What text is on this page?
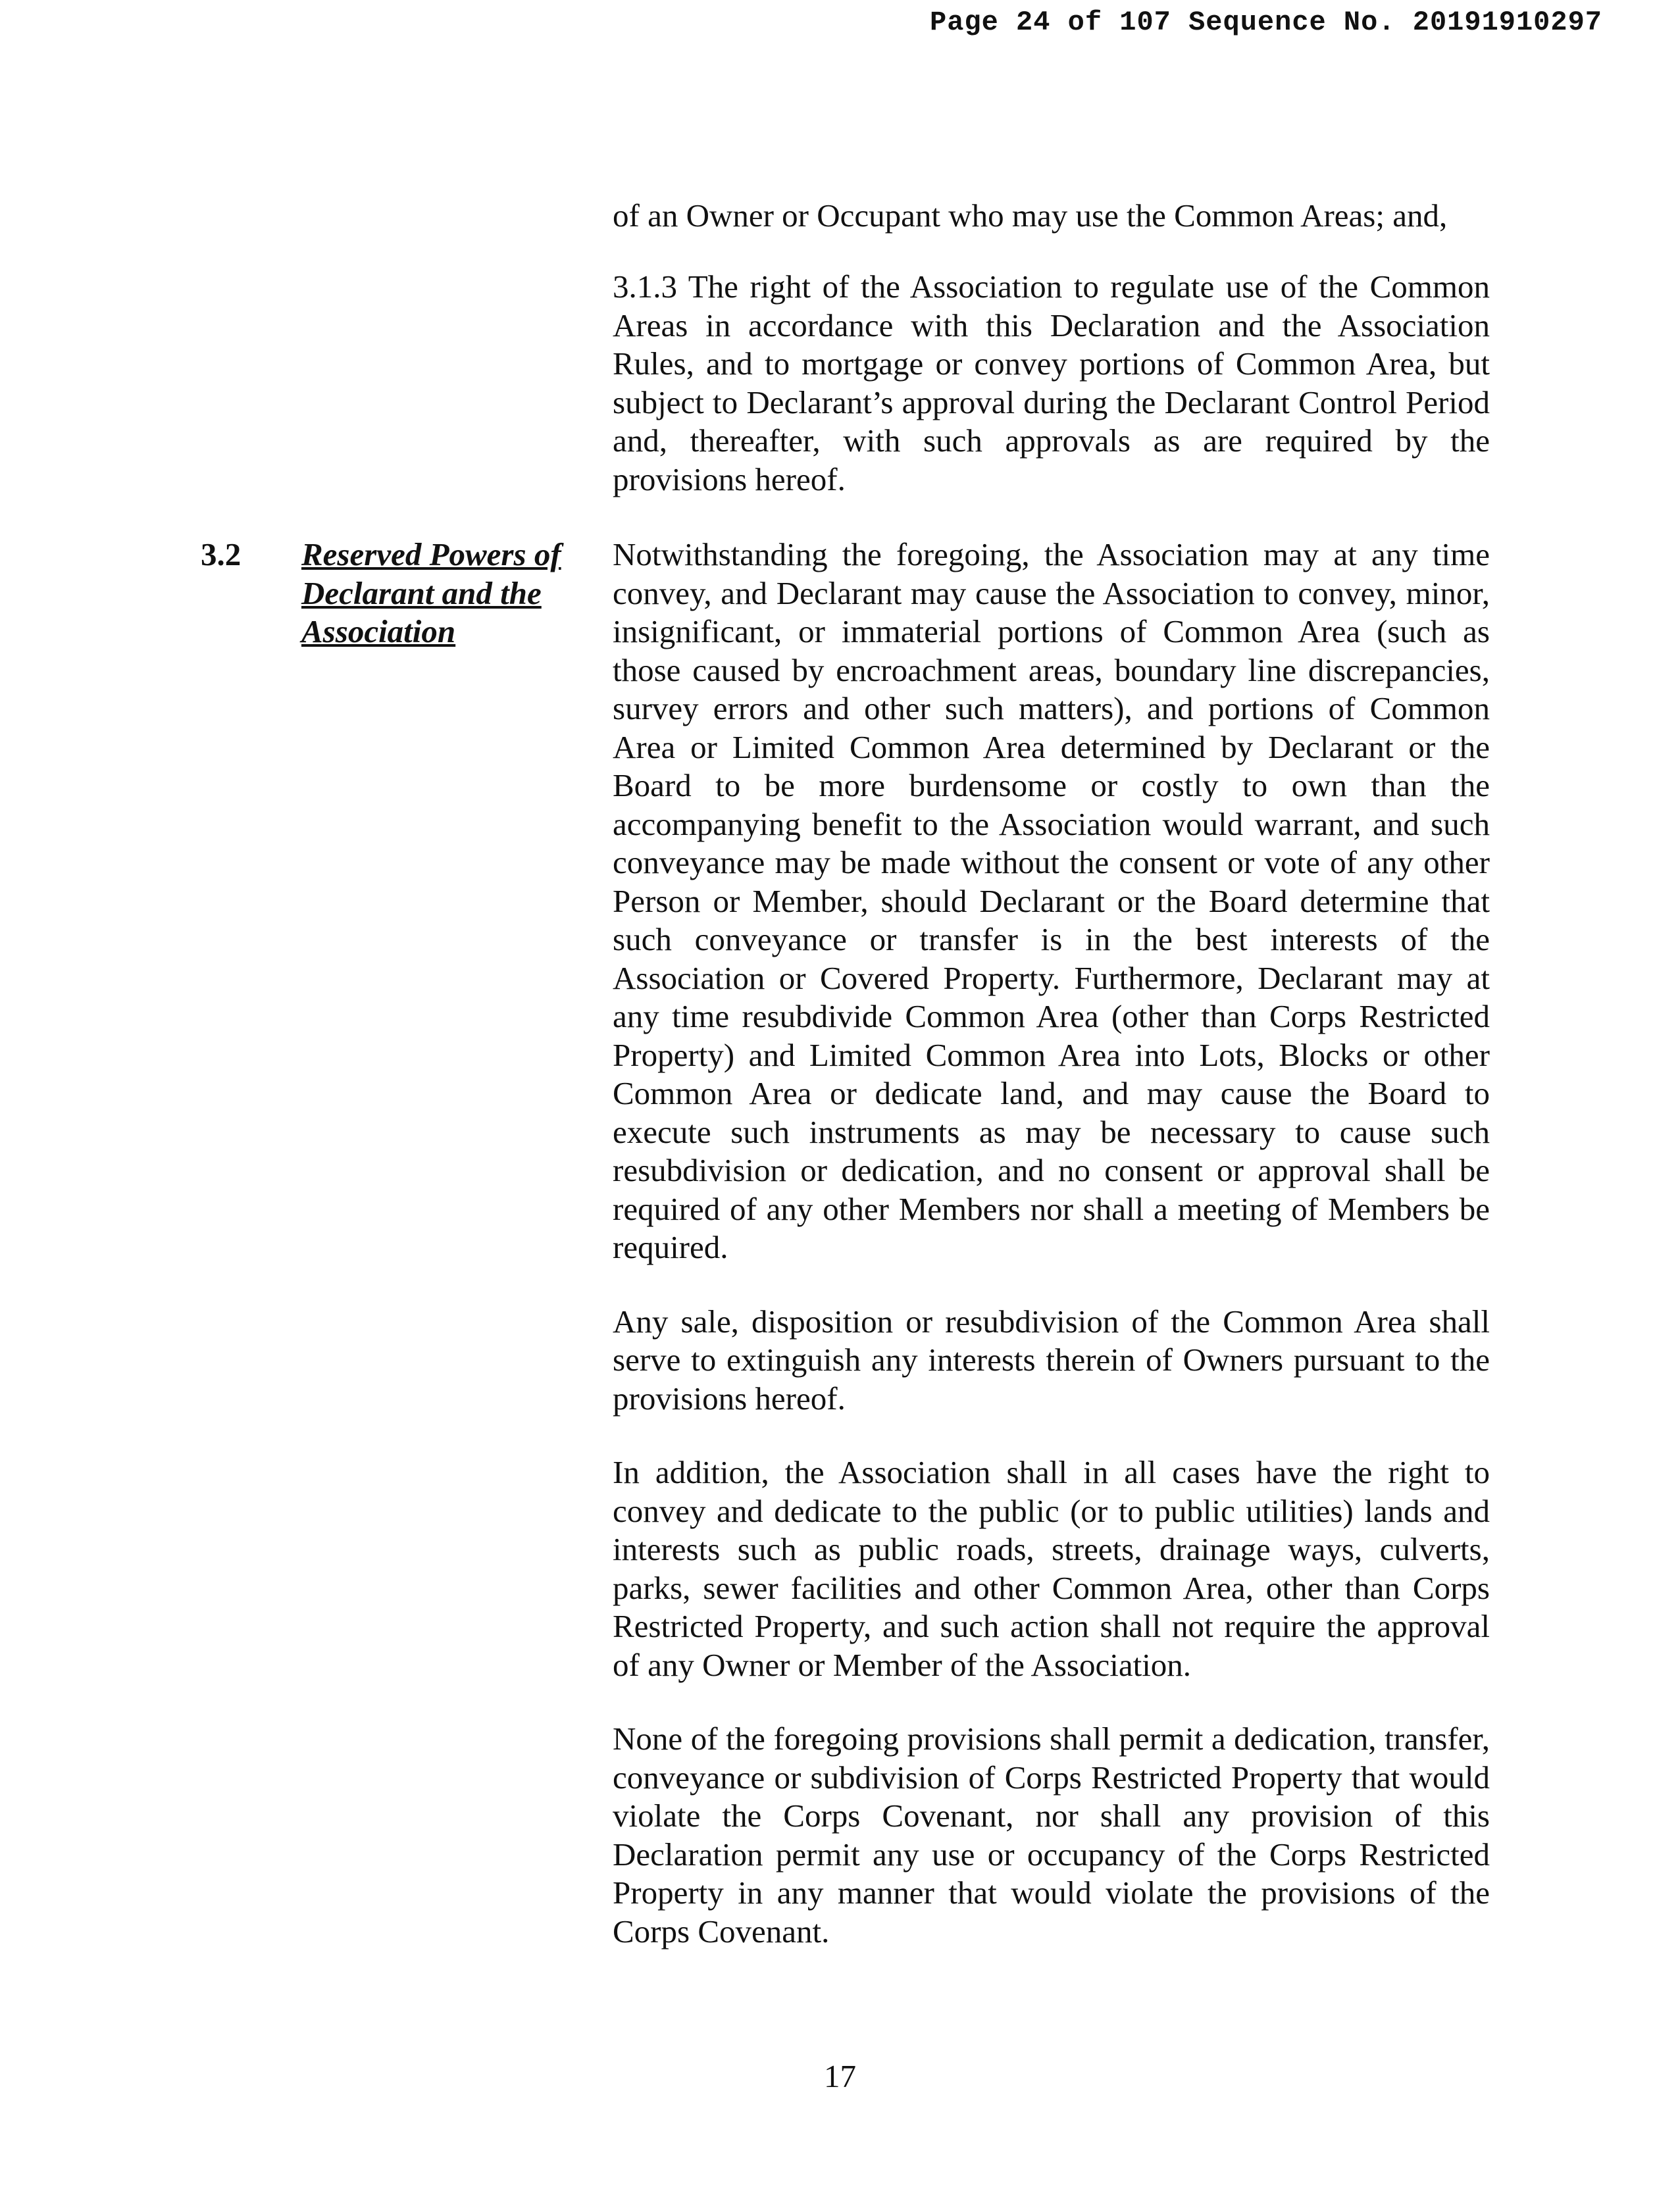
Page 24 of 107 Sequence No. 20191910297
of an Owner or Occupant who may use the Common Areas; and,
3.1.3 The right of the Association to regulate use of the Common Areas in accordance with this Declaration and the Association Rules, and to mortgage or convey portions of Common Area, but subject to Declarant’s approval during the Declarant Control Period and, thereafter, with such approvals as are required by the provisions hereof.
3.2 Reserved Powers of Declarant and the Association

Notwithstanding the foregoing, the Association may at any time convey, and Declarant may cause the Association to convey, minor, insignificant, or immaterial portions of Common Area (such as those caused by encroachment areas, boundary line discrepancies, survey errors and other such matters), and portions of Common Area or Limited Common Area determined by Declarant or the Board to be more burdensome or costly to own than the accompanying benefit to the Association would warrant, and such conveyance may be made without the consent or vote of any other Person or Member, should Declarant or the Board determine that such conveyance or transfer is in the best interests of the Association or Covered Property. Furthermore, Declarant may at any time resubdivide Common Area (other than Corps Restricted Property) and Limited Common Area into Lots, Blocks or other Common Area or dedicate land, and may cause the Board to execute such instruments as may be necessary to cause such resubdivision or dedication, and no consent or approval shall be required of any other Members nor shall a meeting of Members be required.

Any sale, disposition or resubdivision of the Common Area shall serve to extinguish any interests therein of Owners pursuant to the provisions hereof.

In addition, the Association shall in all cases have the right to convey and dedicate to the public (or to public utilities) lands and interests such as public roads, streets, drainage ways, culverts, parks, sewer facilities and other Common Area, other than Corps Restricted Property, and such action shall not require the approval of any Owner or Member of the Association.

None of the foregoing provisions shall permit a dedication, transfer, conveyance or subdivision of Corps Restricted Property that would violate the Corps Covenant, nor shall any provision of this Declaration permit any use or occupancy of the Corps Restricted Property in any manner that would violate the provisions of the Corps Covenant.

17
